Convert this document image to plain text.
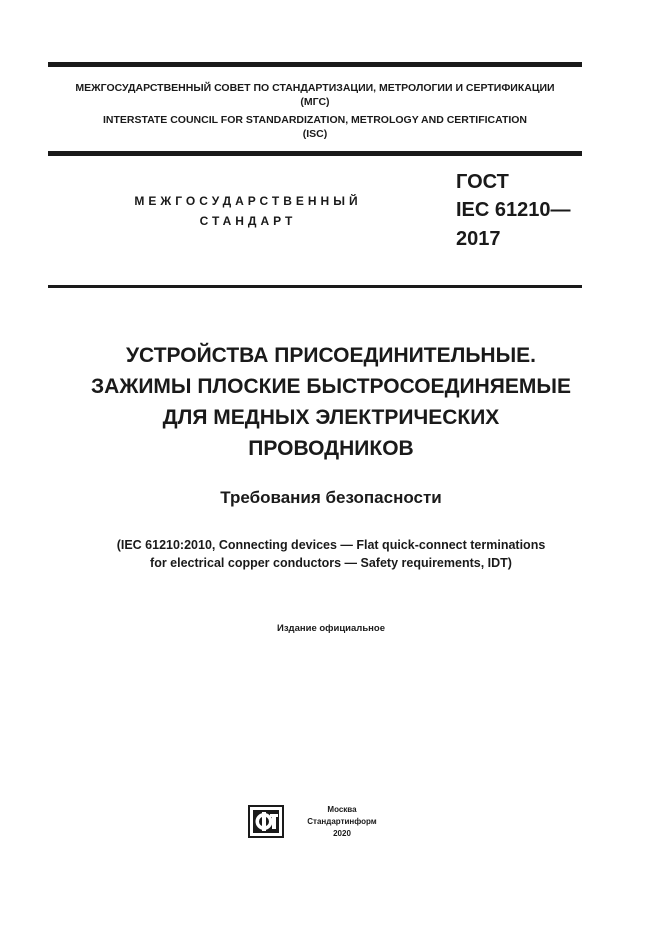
МЕЖГОСУДАРСТВЕННЫЙ СОВЕТ ПО СТАНДАРТИЗАЦИИ, МЕТРОЛОГИИ И СЕРТИФИКАЦИИ
(МГС)
INTERSTATE COUNCIL FOR STANDARDIZATION, METROLOGY AND CERTIFICATION
(ISC)
МЕЖГОСУДАРСТВЕННЫЙ
СТАНДАРТ
ГОСТ
IEC 61210—
2017
УСТРОЙСТВА ПРИСОЕДИНИТЕЛЬНЫЕ.
ЗАЖИМЫ ПЛОСКИЕ БЫСТРОСОЕДИНЯЕМЫЕ
ДЛЯ МЕДНЫХ ЭЛЕКТРИЧЕСКИХ
ПРОВОДНИКОВ
Требования безопасности
(IEC 61210:2010, Connecting devices — Flat quick-connect terminations
for electrical copper conductors — Safety requirements, IDT)
Издание официальное
Москва
Стандартинформ
2020
